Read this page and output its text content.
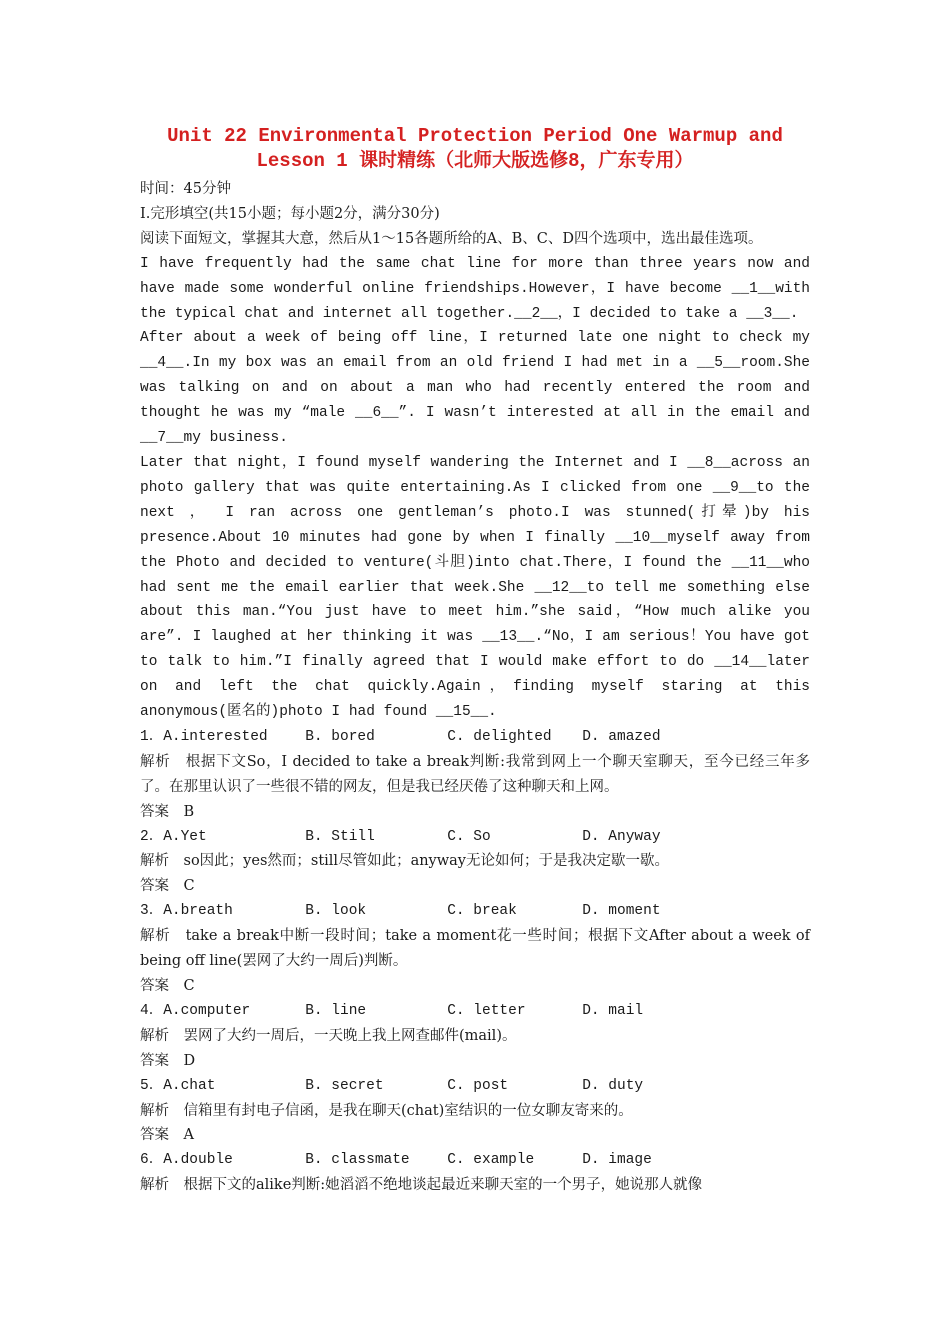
Unit 22 Environmental Protection Period One Warmup and
Lesson 1 课时精练（北师大版选修8，广东专用）

时间：45分钟

Ⅰ.完形填空(共15小题；每小题2分，满分30分)

阅读下面短文，掌握其大意，然后从1～15各题所给的A、B、C、D四个选项中，选出最佳选项。

I have frequently had the same chat line for more than three years now and have made some wonderful online friendships.However，I have become __1__with the typical chat and internet all together.__2__，I decided to take a __3__.

After about a week of being off line，I returned late one night to check my __4__.In my box was an email from an old friend I had met in a __5__room.She was talking on and on about a man who had recently entered the room and thought he was my “male __6__”. I wasn’t interested at all in the email and __7__my business.

Later that night，I found myself wandering the Internet and I __8__across an photo gallery that was quite entertaining.As I clicked from one __9__to the next ， I ran across one gentleman’s photo.I was stunned(打晕)by his presence.About 10 minutes had gone by when I finally __10__myself away from the Photo and decided to venture(斗胆)into chat.There，I found the __11__who had sent me the email earlier that week.She __12__to tell me something else about this man.“You just have to meet him.”she said，“How much alike you are”. I laughed at her thinking it was __13__.“No，I am serious！You have got to talk to him.”I finally agreed that I would make effort to do __14__later on and left the chat quickly.Again，finding myself staring at this anonymous(匿名的)photo I had found __15__.

1． A.interested	B. bored	C. delighted	D. amazed

解析　根据下文So，I decided to take a break判断:我常到网上一个聊天室聊天，至今已经三年多了。在那里认识了一些很不错的网友，但是我已经厌倦了这种聊天和上网。

答案　B

2． A.Yet	B. Still	C. So	D. Anyway

解析　so因此；yes然而；still尽管如此；anyway无论如何；于是我决定歇一歇。

答案　C

3． A.breath	B. look	C. break	D. moment

解析　take a break中断一段时间；take a moment花一些时间；根据下文After about a week of being off line(罢网了大约一周后)判断。

答案　C

4． A.computer	B. line	C. letter	D. mail

解析　罢网了大约一周后，一天晚上我上网查邮件(mail)。

答案　D

5． A.chat	B. secret	C. post	D. duty

解析　信箱里有封电子信函，是我在聊天(chat)室结识的一位女聊友寄来的。

答案　A

6． A.double	B. classmate	C. example	D. image

解析　根据下文的alike判断:她滔滔不绝地谈起最近来聊天室的一个男子，她说那人就像
